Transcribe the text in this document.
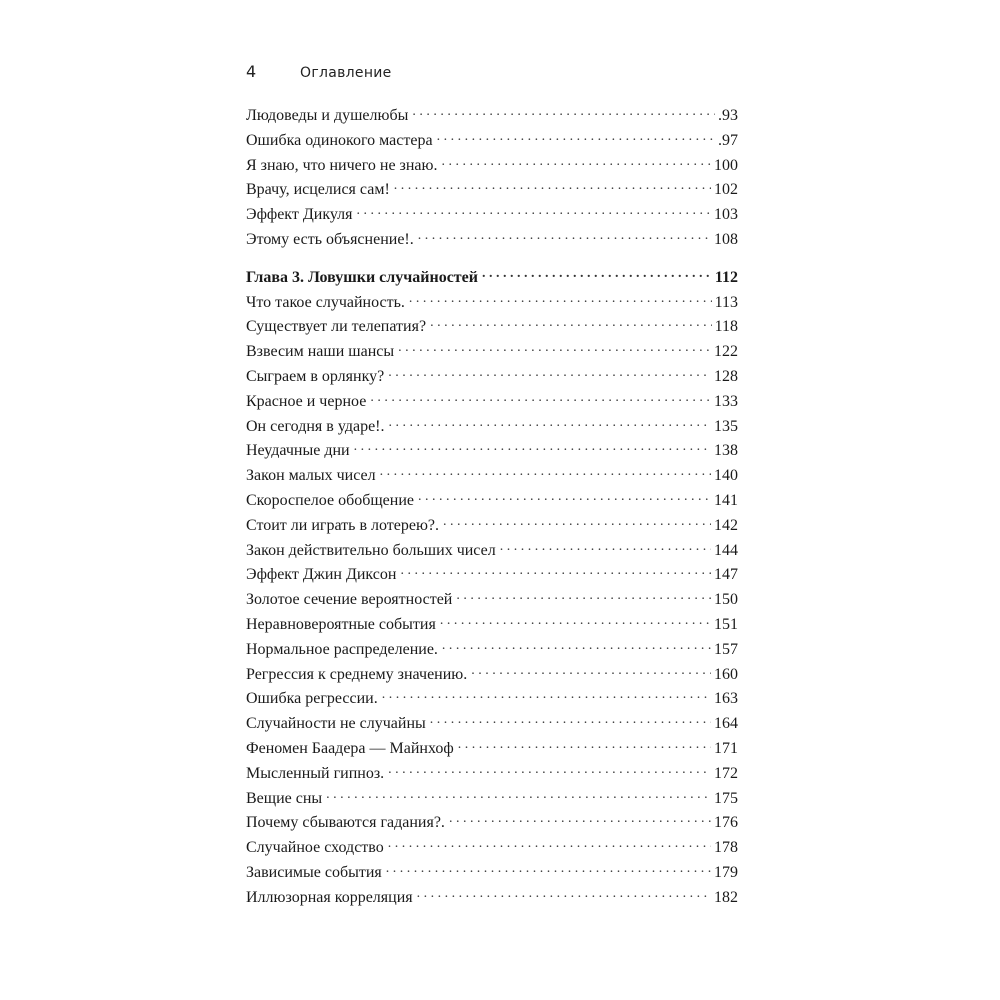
4	Оглавление
Людоведы и душелюбы . . .	.93
Ошибка одинокого мастера . . .	.97
Я знаю, что ничего не знаю. . . .	100
Врачу, исцелися сам! . . .	102
Эффект Дикуля . . .	103
Этому есть объяснение!. . . .	108
Глава 3. Ловушки случайностей . . .	112
Что такое случайность. . . .	113
Существует ли телепатия? . . .	118
Взвесим наши шансы . . .	122
Сыграем в орлянку? . . .	128
Красное и черное . . .	133
Он сегодня в ударе!. . . .	135
Неудачные дни . . .	138
Закон малых чисел . . .	140
Скороспелое обобщение . . .	141
Стоит ли играть в лотерею?. . . .	142
Закон действительно больших чисел . . .	144
Эффект Джин Диксон . . .	147
Золотое сечение вероятностей . . .	150
Неравновероятные события . . .	151
Нормальное распределение. . . .	157
Регрессия к среднему значению. . . .	160
Ошибка регрессии. . . .	163
Случайности не случайны . . .	164
Феномен Баадера — Майнхоф . . .	171
Мысленный гипноз. . . .	172
Вещие сны . . .	175
Почему сбываются гадания?. . . .	176
Случайное сходство . . .	178
Зависимые события . . .	179
Иллюзорная корреляция . . .	182
